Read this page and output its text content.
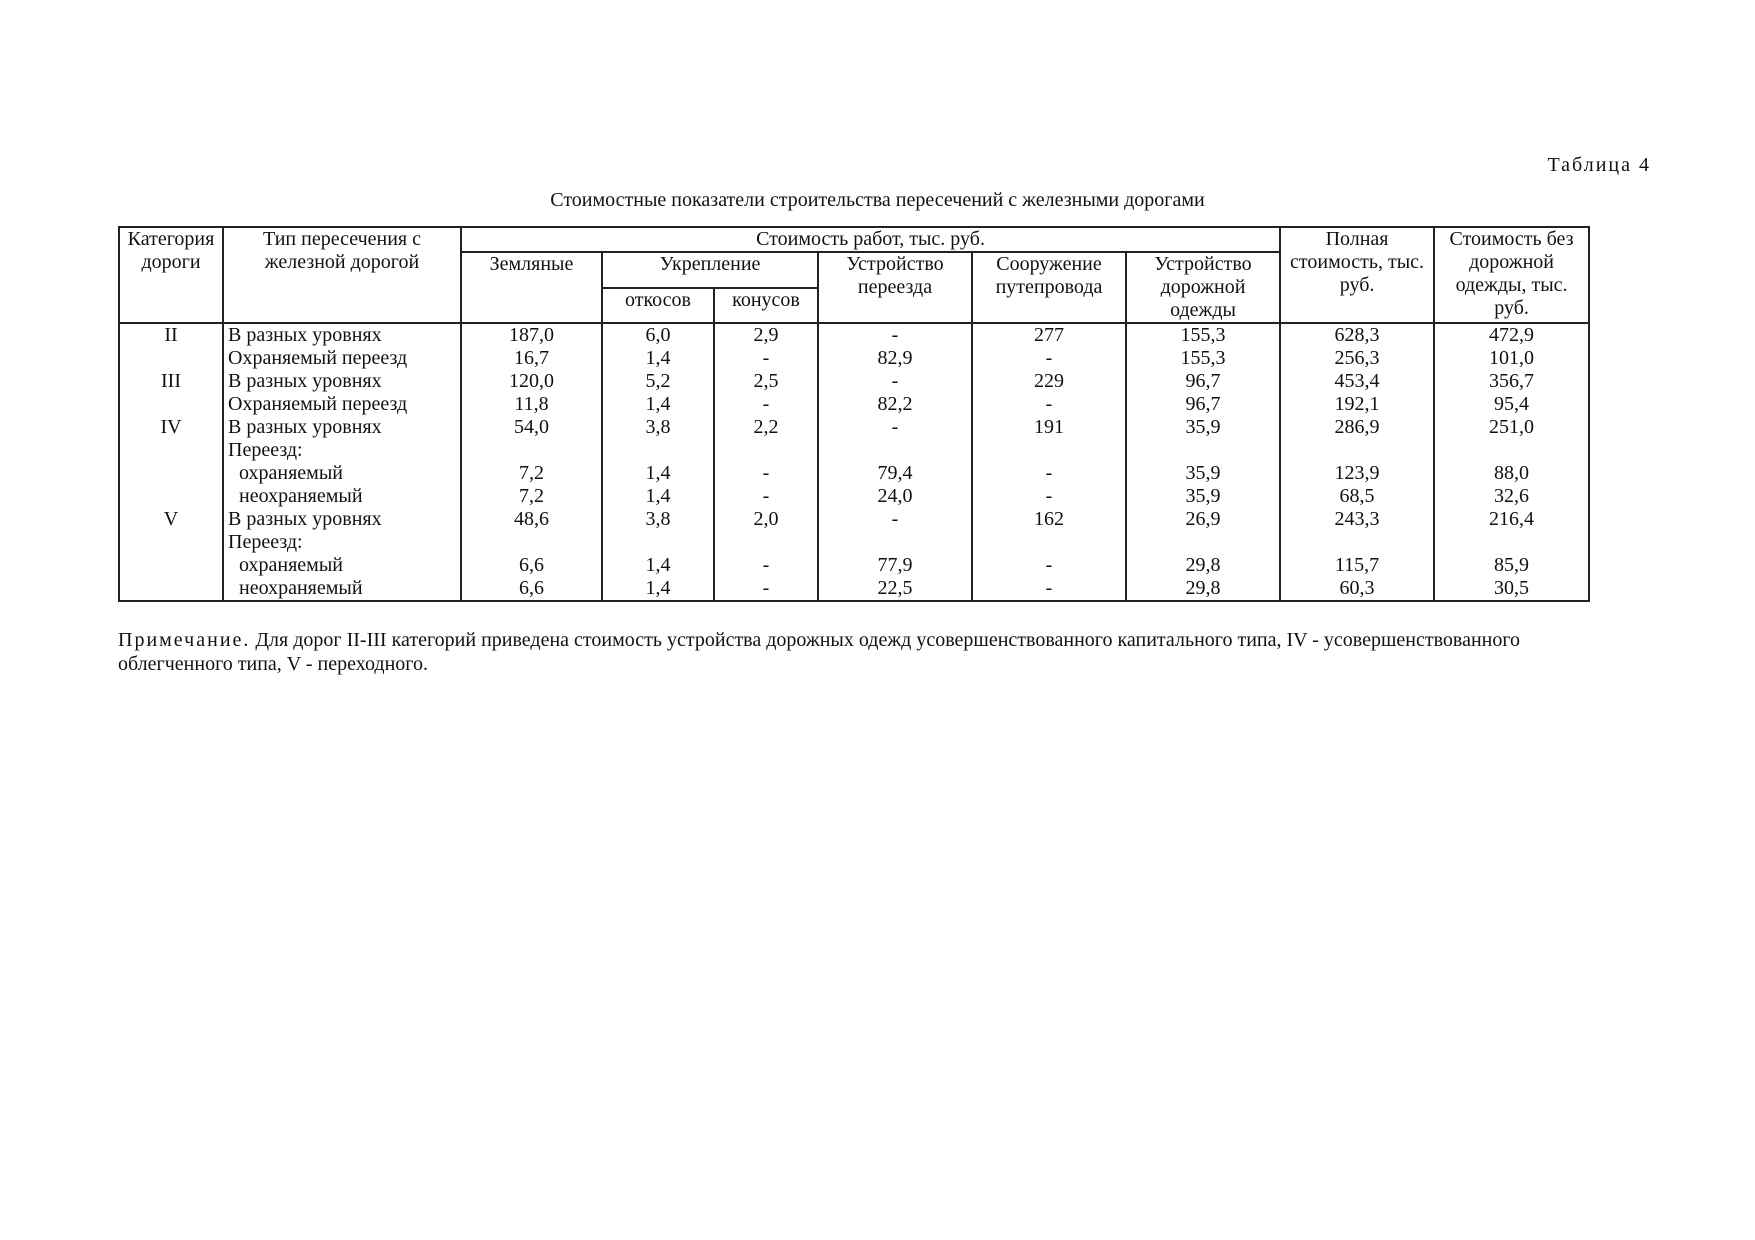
Таблица 4
Стоимостные показатели строительства пересечений с железными дорогами
Категория дороги	Тип пересечения с железной дорогой	Стоимость работ, тыс. руб.						Полная стоимость, тыс. руб.	Стоимость без дорожной одежды, тыс. руб.
		Земляные	Укрепление		Устройство переезда	Сооружение путепровода	Устройство дорожной одежды		
			откосов	конусов					
II	В разных уровнях	187,0	6,0	2,9	-	277	155,3	628,3	472,9
	Охраняемый переезд	16,7	1,4	-	82,9	-	155,3	256,3	101,0
III	В разных уровнях	120,0	5,2	2,5	-	229	96,7	453,4	356,7
	Охраняемый переезд	11,8	1,4	-	82,2	-	96,7	192,1	95,4
IV	В разных уровнях	54,0	3,8	2,2	-	191	35,9	286,9	251,0
	Переезд:								
	охраняемый	7,2	1,4	-	79,4	-	35,9	123,9	88,0
	неохраняемый	7,2	1,4	-	24,0	-	35,9	68,5	32,6
V	В разных уровнях	48,6	3,8	2,0	-	162	26,9	243,3	216,4
	Переезд:								
	охраняемый	6,6	1,4	-	77,9	-	29,8	115,7	85,9
	неохраняемый	6,6	1,4	-	22,5	-	29,8	60,3	30,5
Примечание. Для дорог II-III категорий приведена стоимость устройства дорожных одежд усовершенствованного капитального типа, IV - усовершенствованного облегченного типа, V - переходного.
